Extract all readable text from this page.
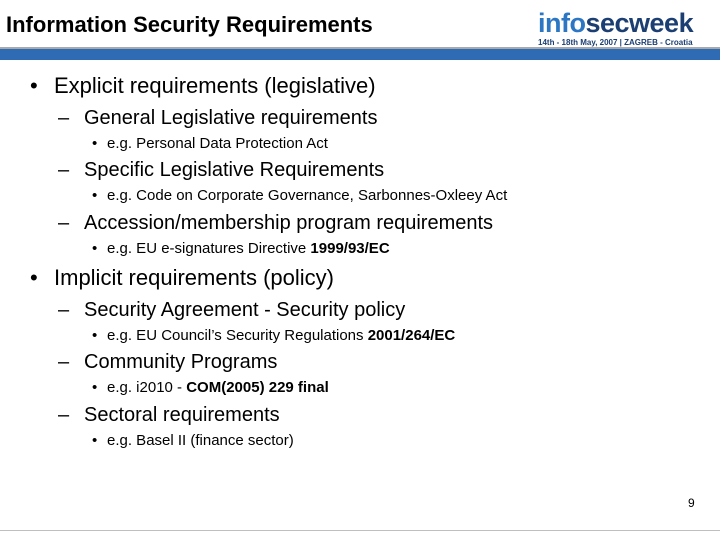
Information Security Requirements	infosecweek
14th - 18th May, 2007 | ZAGREB - Croatia
• Explicit requirements (legislative)
– General Legislative requirements
• e.g. Personal Data Protection Act
– Specific Legislative Requirements
• e.g. Code on Corporate Governance, Sarbonnes-Oxleey Act
– Accession/membership program requirements
• e.g. EU e-signatures Directive 1999/93/EC
• Implicit requirements (policy)
– Security Agreement - Security policy
• e.g. EU Council’s Security Regulations 2001/264/EC
– Community Programs
• e.g. i2010 - COM(2005) 229 final
– Sectoral requirements
• e.g. Basel II (finance sector)
9
